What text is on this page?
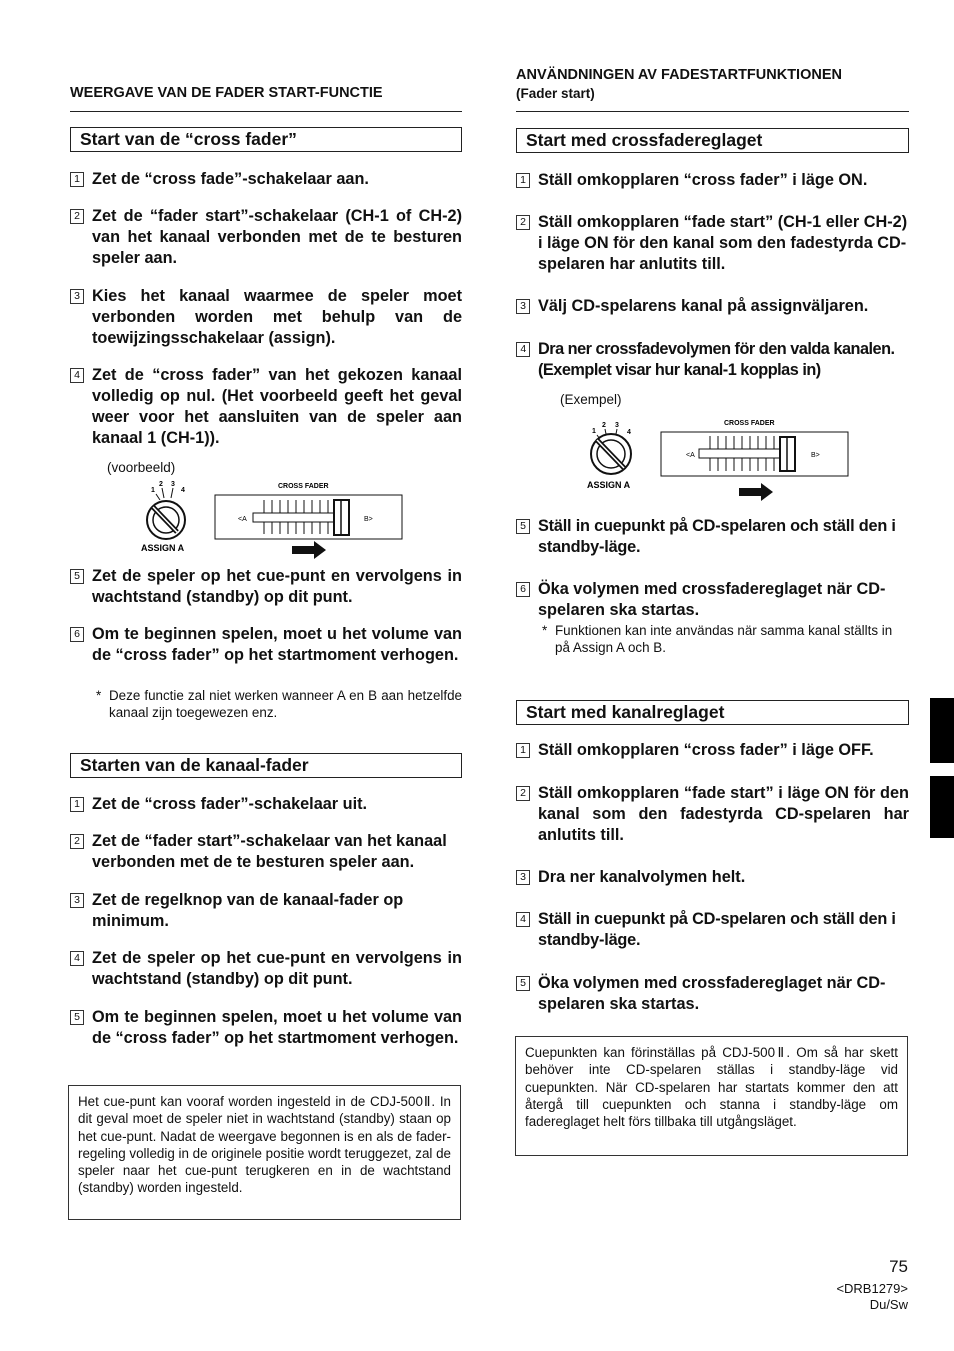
WEERGAVE VAN DE FADER START-FUNCTIE
Start van de “cross fader”
1 Zet de “cross fade”-schakelaar aan.
2 Zet de “fader start”-schakelaar (CH-1 of CH-2) van het kanaal verbonden met de te besturen speler aan.
3 Kies het kanaal waarmee de speler moet verbonden worden met behulp van de toewijzingsschakelaar (assign).
4 Zet de “cross fader” van het gekozen kanaal volledig op nul. (Het voorbeeld geeft het geval weer voor het aansluiten van de speler aan kanaal 1 (CH-1)).
(voorbeeld)
1
2 3
4
ASSIGN A
CROSS FADER
<A	B>
5 Zet de speler op het cue-punt en vervolgens in wachtstand (standby) op dit punt.
6 Om te beginnen spelen, moet u het volume van de “cross fader” op het startmoment verhogen.
* Deze functie zal niet werken wanneer A en B aan hetzelfde kanaal zijn toegewezen enz.
Starten van de kanaal-fader
1 Zet de “cross fader”-schakelaar uit.
2 Zet de “fader start”-schakelaar van het kanaal verbonden met de te besturen speler aan.
3 Zet de regelknop van de kanaal-fader op minimum.
4 Zet de speler op het cue-punt en vervolgens in wachtstand (standby) op dit punt.
5 Om te beginnen spelen, moet u het volume van de “cross fader” op het startmoment verhogen.
Het cue-punt kan vooraf worden ingesteld in de CDJ-500Ⅱ. In dit geval moet de speler niet in wachtstand (standby) staan op het cue-punt. Nadat de weergave begonnen is en als de fader-regeling volledig in de originele positie wordt teruggezet, zal de speler naar het cue-punt terugkeren en in de wachtstand (standby) worden ingesteld.
ANVÄNDNINGEN AV FADESTARTFUNKTIONEN
(Fader start)
Start med crossfadereglaget
1 Ställ omkopplaren “cross fader” i läge ON.
2 Ställ omkopplaren “fade start” (CH-1 eller CH-2) i läge ON för den kanal som den fadestyrda CD-spelaren har anlutits till.
3 Välj CD-spelarens kanal på assignväljaren.
4 Dra ner crossfadevolymen för den valda kanalen. (Exemplet visar hur kanal-1 kopplas in)
(Exempel)
1
2 3
4
ASSIGN A
CROSS FADER
<A	B>
5 Ställ in cuepunkt på CD-spelaren och ställ den i standby-läge.
6 Öka volymen med crossfadereglaget när CD-spelaren ska startas.
* Funktionen kan inte användas när samma kanal ställts in på Assign A och B.
Start med kanalreglaget
1 Ställ omkopplaren “cross fader” i läge OFF.
2 Ställ omkopplaren “fade start” i läge ON för den kanal som den fadestyrda CD-spelaren har anlutits till.
3 Dra ner kanalvolymen helt.
4 Ställ in cuepunkt på CD-spelaren och ställ den i standby-läge.
5 Öka volymen med crossfadereglaget när CD-spelaren ska startas.
Cuepunkten kan förinställas på CDJ-500Ⅱ. Om så har skett behöver inte CD-spelaren ställas i standby-läge vid cuepunkten. När CD-spelaren har startats kommer den att återgå till cuepunkten och stanna i standby-läge om fadereglaget helt förs tillbaka till utgångsläget.
75
<DRB1279>
Du/Sw
